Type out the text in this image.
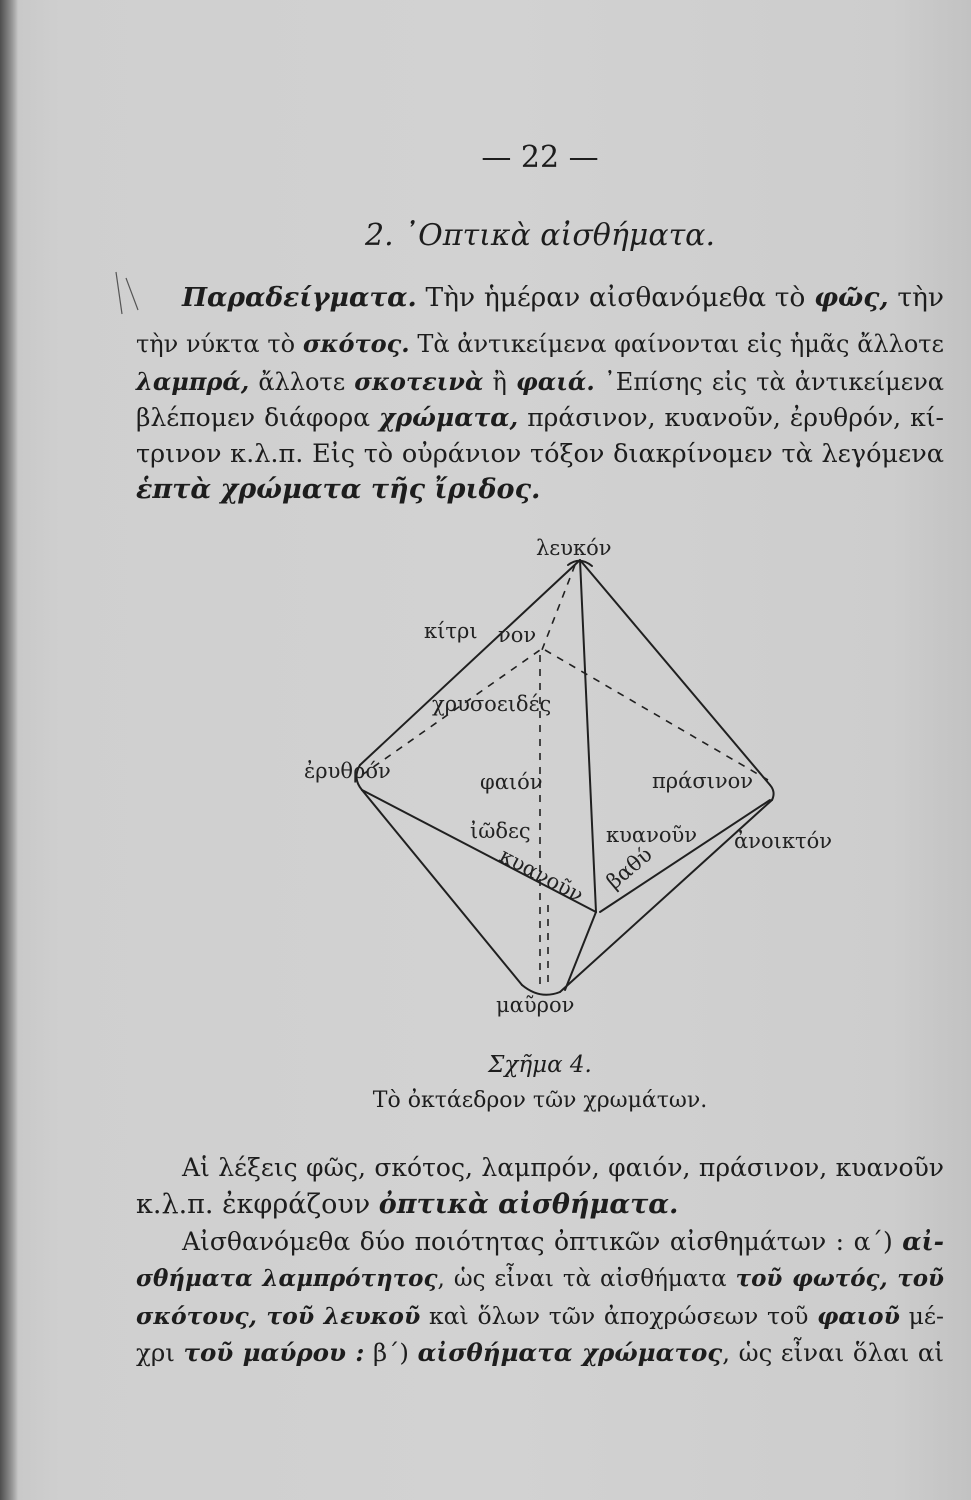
— 22 —
2. ᾿Οπτικὰ αἰσθήματα.
Παραδείγματα. Τὴν ἡμέραν αἰσθανόμεθα τὸ φῶς, τὴν
τὴν νύκτα τὸ σκότος. Τὰ ἀντικείμενα φαίνονται εἰς ἡμᾶς ἄλλοτε
λαμπρά, ἄλλοτε σκοτεινὰ ἢ φαιά. ᾿Επίσης εἰς τὰ ἀντικείμενα
βλέπομεν διάφορα χρώματα, πράσινον, κυανοῦν, ἐρυθρόν, κί-
τρινον κ.λ.π. Εἰς τὸ οὐράνιον τόξον διακρίνομεν τὰ λεγόμενα
ἑπτὰ χρώματα τῆς ἴριδος.
λευκόν
κίτρι νον
χρυσοειδές
ἐρυθρόν	φαιόν	πράσινον
ἰῶδες
κυανοῦν
κυανοῦν ἀνοικτόν
βαθύ
μαῦρον
Σχῆμα 4.
Τὸ ὀκτάεδρον τῶν χρωμάτων.
Αἱ λέξεις φῶς, σκότος, λαμπρόν, φαιόν, πράσινον, κυανοῦν
κ.λ.π. ἐκφράζουν ὀπτικὰ αἰσθήματα.
Αἰσθανόμεθα δύο ποιότητας ὀπτικῶν αἰσθημάτων : α΄) αἰ-
σθήματα λαμπρότητος, ὡς εἶναι τὰ αἰσθήματα τοῦ φωτός, τοῦ
σκότους, τοῦ λευκοῦ καὶ ὅλων τῶν ἀποχρώσεων τοῦ φαιοῦ μέ-
χρι τοῦ μαύρου : β΄) αἰσθήματα χρώματος, ὡς εἶναι ὅλαι αἱ
